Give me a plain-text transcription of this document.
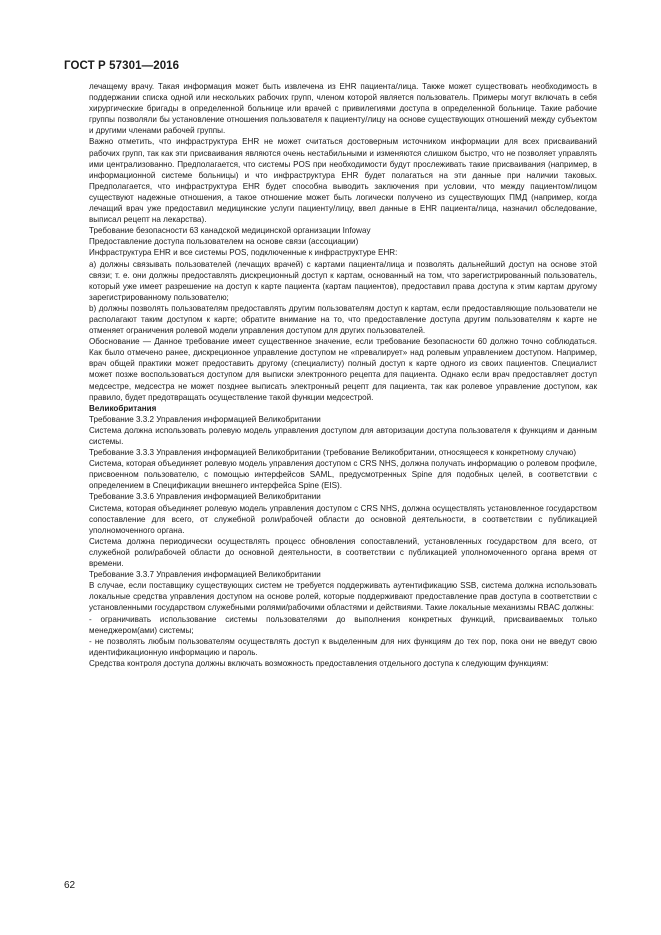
ГОСТ Р 57301—2016

лечащему врачу. Такая информация может быть извлечена из EHR пациента/лица. Также может существовать необходимость в поддержании списка одной или нескольких рабочих групп, членом которой является пользователь. Примеры могут включать в себя хирургические бригады в определенной больнице или врачей с привилегиями доступа в определенной больнице. Такие рабочие группы позволяли бы установление отношения пользователя к пациенту/лицу на основе существующих отношений между субъектом и другими членами рабочей группы.

Важно отметить, что инфраструктура EHR не может считаться достоверным источником информации для всех присваиваний рабочих групп, так как эти присваивания являются очень нестабильными и изменяются слишком быстро, что не позволяет управлять ими централизованно. Предполагается, что системы POS при необходимости будут прослеживать такие присваивания (например, в информационной системе больницы) и что инфраструктура EHR будет полагаться на эти данные при наличии таковых. Предполагается, что инфраструктура EHR будет способна выводить заключения при условии, что между пациентом/лицом существуют надежные отношения, а такое отношение может быть логически получено из существующих ПМД (например, когда лечащий врач уже предоставил медицинские услуги пациенту/лицу, ввел данные в EHR пациента/лица, назначил обследование, выписал рецепт на лекарства).

Требование безопасности 63 канадской медицинской организации Infoway

Предоставление доступа пользователем на основе связи (ассоциации)

Инфраструктура EHR и все системы POS, подключенные к инфраструктуре EHR:

а) должны связывать пользователей (лечащих врачей) с картами пациента/лица и позволять дальнейший доступ на основе этой связи; т. е. они должны предоставлять дискреционный доступ к картам, основанный на том, что зарегистрированный пользователь, который уже имеет разрешение на доступ к карте пациента (картам пациентов), предоставил права доступа к этим картам другому зарегистрированному пользователю;

b) должны позволять пользователям предоставлять другим пользователям доступ к картам, если предоставляющие пользователи не располагают таким доступом к карте; обратите внимание на то, что предоставление доступа другим пользователям к карте не отменяет ограничения ролевой модели управления доступом для других пользователей.

Обоснование — Данное требование имеет существенное значение, если требование безопасности 60 должно точно соблюдаться. Как было отмечено ранее, дискреционное управление доступом не «превалирует» над ролевым управлением доступом. Например, врач общей практики может предоставить другому (специалисту) полный доступ к карте одного из своих пациентов. Специалист может позже воспользоваться доступом для выписки электронного рецепта для пациента. Однако если врач предоставляет доступ медсестре, медсестра не может позднее выписать электронный рецепт для пациента, так как ролевое управление доступом, как правило, будет предотвращать осуществление такой функции медсестрой.

Великобритания

Требование 3.3.2 Управления информацией Великобритании

Система должна использовать ролевую модель управления доступом для авторизации доступа пользователя к функциям и данным системы.

Требование 3.3.3 Управления информацией Великобритании (требование Великобритании, относящееся к конкретному случаю)

Система, которая объединяет ролевую модель управления доступом с CRS NHS, должна получать информацию о ролевом профиле, присвоенном пользователю, с помощью интерфейсов SAML, предусмотренных Spine для подобных целей, в соответствии с определением в Спецификации внешнего интерфейса Spine (EIS).

Требование 3.3.6 Управления информацией Великобритании

Система, которая объединяет ролевую модель управления доступом с CRS NHS, должна осуществлять установленное государством сопоставление для всего, от служебной роли/рабочей области до основной деятельности, в соответствии с публикацией уполномоченного органа.

Система должна периодически осуществлять процесс обновления сопоставлений, установленных государством для всего, от служебной роли/рабочей области до основной деятельности, в соответствии с публикацией уполномоченного органа время от времени.

Требование 3.3.7 Управления информацией Великобритании

В случае, если поставщику существующих систем не требуется поддерживать аутентификацию SSB, система должна использовать локальные средства управления доступом на основе ролей, которые поддерживают предоставление прав доступа в соответствии с установленными государством служебными ролями/рабочими областями и действиями. Такие локальные механизмы RBAC должны:

- ограничивать использование системы пользователями до выполнения конкретных функций, присваиваемых только менеджером(ами) системы;

- не позволять любым пользователям осуществлять доступ к выделенным для них функциям до тех пор, пока они не введут свою идентификационную информацию и пароль.

Средства контроля доступа должны включать возможность предоставления отдельного доступа к следующим функциям:

62
